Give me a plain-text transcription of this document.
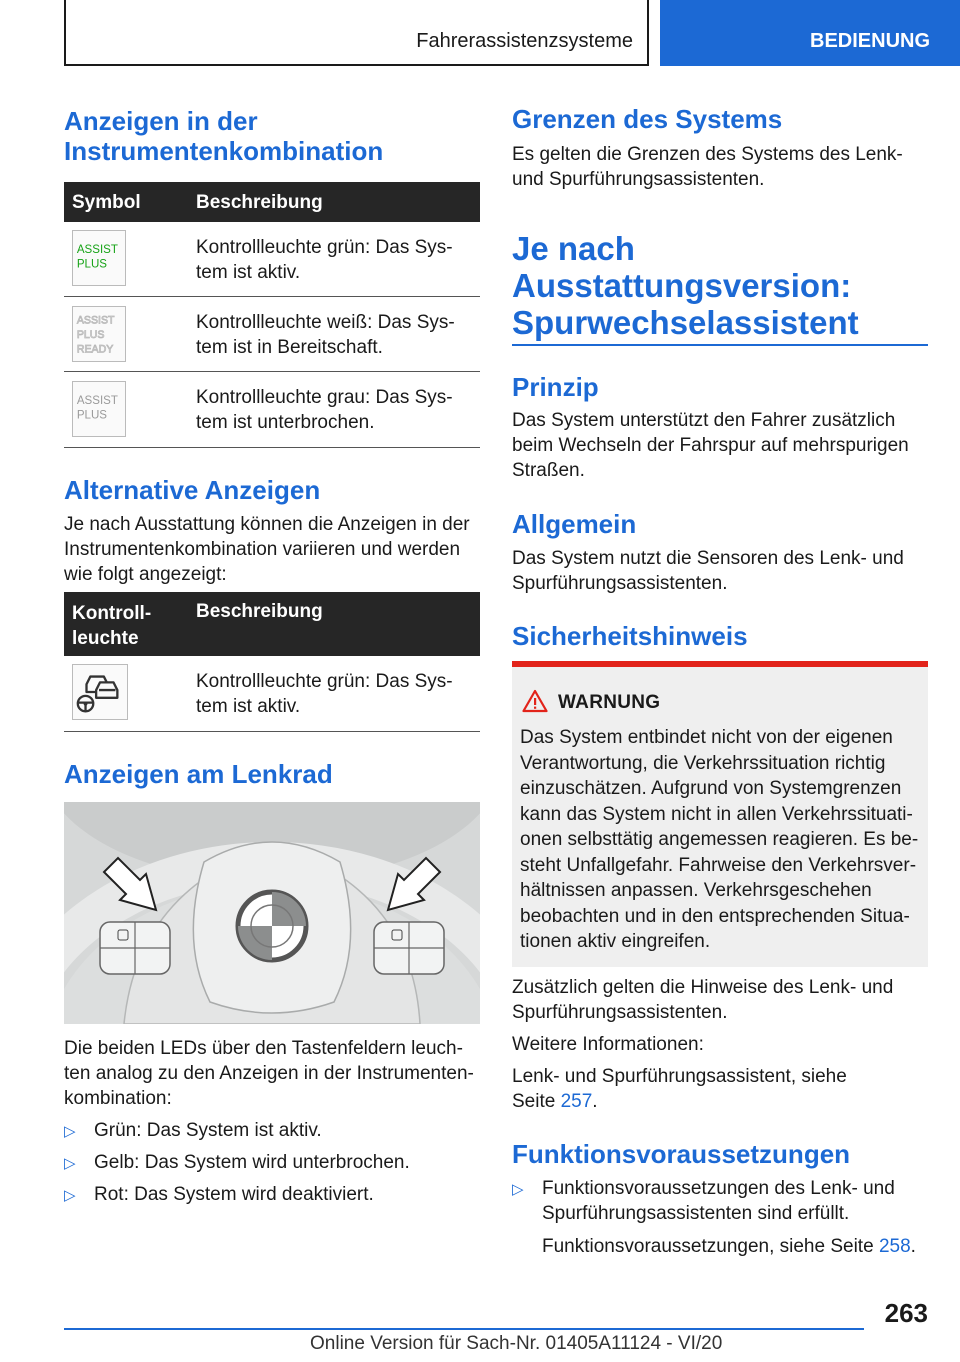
Fahrerassistenzsysteme	BEDIENUNG
Anzeigen in der
Instrumentenkombination
Symbol	Beschreibung
ASSIST
PLUS
Kontrollleuchte grün: Das Sys-
tem ist aktiv.
ASSIST
PLUS
READY
Kontrollleuchte weiß: Das Sys-
tem ist in Bereitschaft.
ASSIST
PLUS
Kontrollleuchte grau: Das Sys-
tem ist unterbrochen.
Alternative Anzeigen
Je nach Ausstattung können die Anzeigen in der
Instrumentenkombination variieren und werden
wie folgt angezeigt:
Kontroll-
leuchte
Beschreibung
Kontrollleuchte grün: Das Sys-
tem ist aktiv.
Anzeigen am Lenkrad
Die beiden LEDs über den Tastenfeldern leuch-
ten analog zu den Anzeigen in der Instrumenten-
kombination:
▷ Grün: Das System ist aktiv.
▷ Gelb: Das System wird unterbrochen.
▷ Rot: Das System wird deaktiviert.
Grenzen des Systems
Es gelten die Grenzen des Systems des Lenk-
und Spurführungsassistenten.
Je nach
Ausstattungsversion:
Spurwechselassistent
Prinzip
Das System unterstützt den Fahrer zusätzlich
beim Wechseln der Fahrspur auf mehrspurigen
Straßen.
Allgemein
Das System nutzt die Sensoren des Lenk- und
Spurführungsassistenten.
Sicherheitshinweis
WARNUNG
Das System entbindet nicht von der eigenen
Verantwortung, die Verkehrssituation richtig
einzuschätzen. Aufgrund von Systemgrenzen
kann das System nicht in allen Verkehrssituati-
onen selbsttätig angemessen reagieren. Es be-
steht Unfallgefahr. Fahrweise den Verkehrsver-
hältnissen anpassen. Verkehrsgeschehen
beobachten und in den entsprechenden Situa-
tionen aktiv eingreifen.
Zusätzlich gelten die Hinweise des Lenk- und
Spurführungsassistenten.
Weitere Informationen:
Lenk- und Spurführungsassistent, siehe
Seite 257.
Funktionsvoraussetzungen
▷ Funktionsvoraussetzungen des Lenk- und
Spurführungsassistenten sind erfüllt.
Funktionsvoraussetzungen, siehe Seite 258.
263
Online Version für Sach-Nr. 01405A11124 - VI/20
